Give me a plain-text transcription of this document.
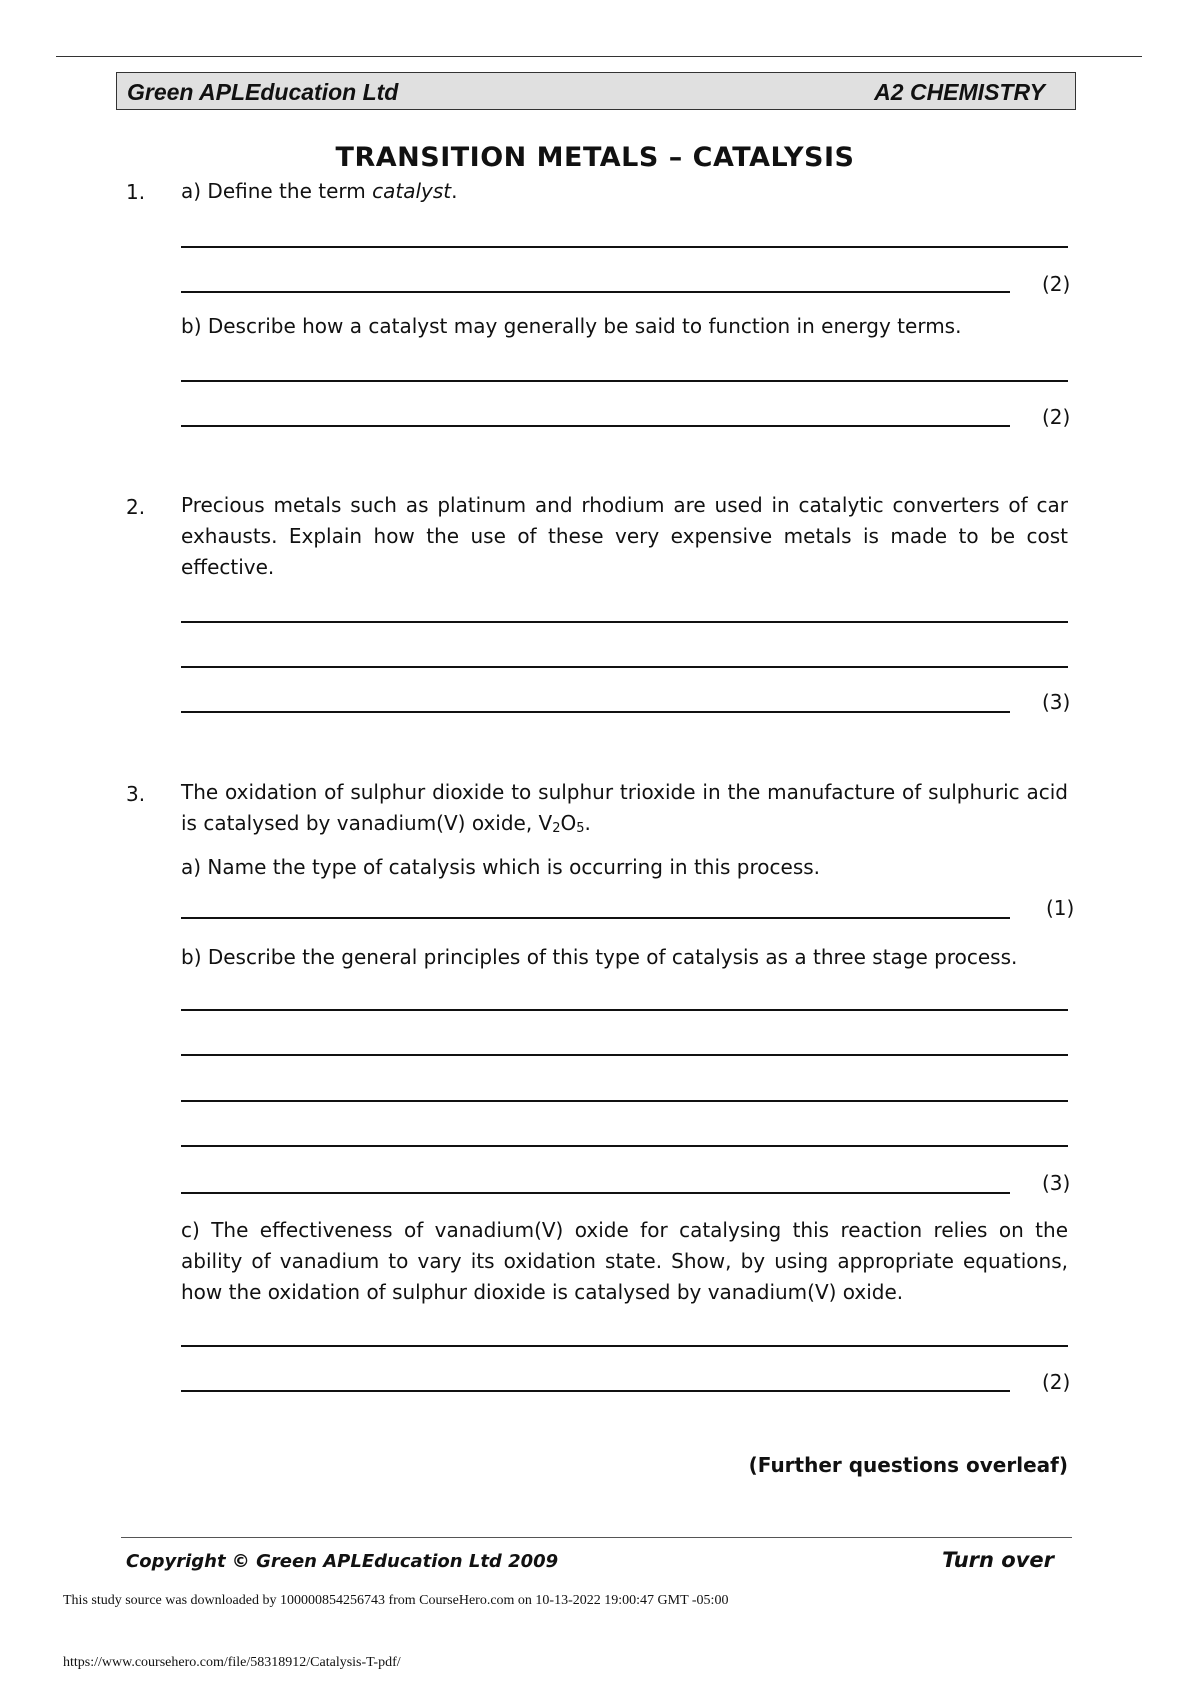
Green APLEducation Ltd	A2 CHEMISTRY
TRANSITION METALS – CATALYSIS
1. a) Define the term catalyst.
(2)
b) Describe how a catalyst may generally be said to function in energy terms.
(2)
2. Precious metals such as platinum and rhodium are used in catalytic converters of car exhausts. Explain how the use of these very expensive metals is made to be cost effective.
(3)
3. The oxidation of sulphur dioxide to sulphur trioxide in the manufacture of sulphuric acid is catalysed by vanadium(V) oxide, $V_2O_5$.
a) Name the type of catalysis which is occurring in this process.
(1)
b) Describe the general principles of this type of catalysis as a three stage process.
(3)
c) The effectiveness of vanadium(V) oxide for catalysing this reaction relies on the ability of vanadium to vary its oxidation state. Show, by using appropriate equations, how the oxidation of sulphur dioxide is catalysed by vanadium(V) oxide.
(2)
(Further questions overleaf)
Copyright © Green APLEducation Ltd 2009	Turn over
This study source was downloaded by 100000854256743 from CourseHero.com on 10-13-2022 19:00:47 GMT -05:00
https://www.coursehero.com/file/58318912/Catalysis-T-pdf/
